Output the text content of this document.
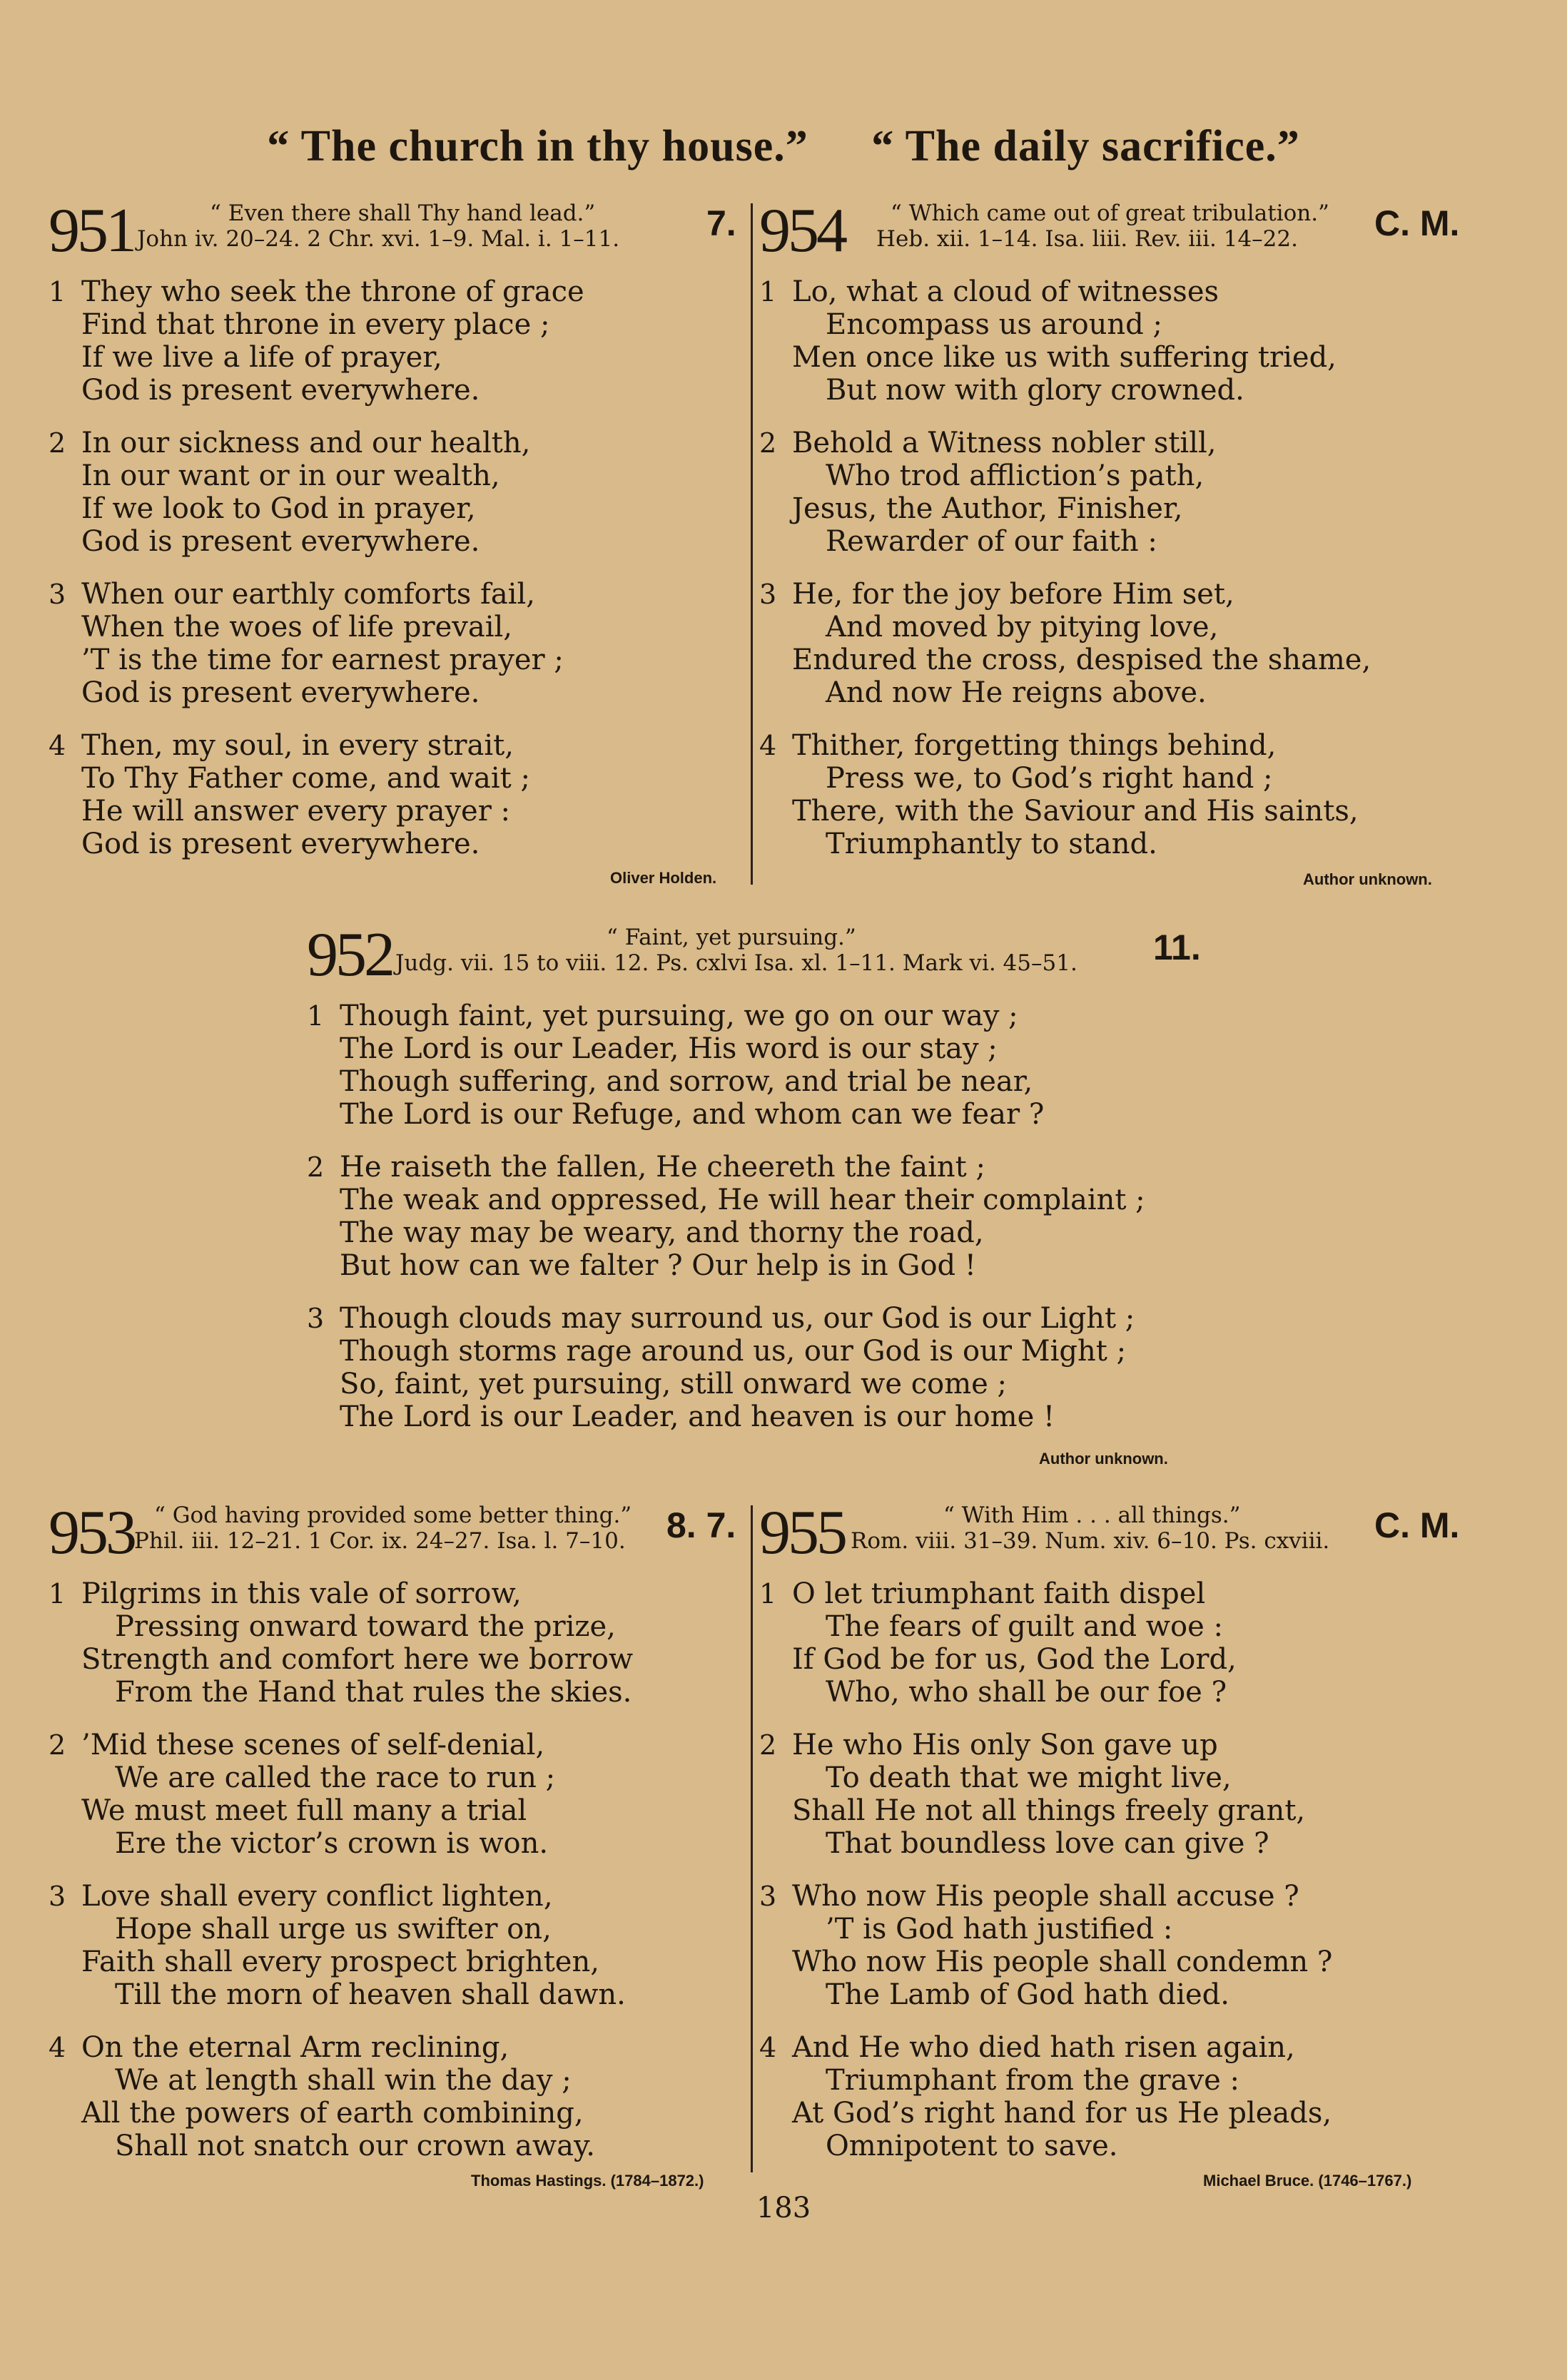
“ The church in thy house.” “ The daily sacrifice.”
951	“ Even there shall Thy hand lead.”
John iv. 20–24. 2 Chr. xvi. 1–9. Mal. i. 1–11. 7.
1 They who seek the throne of grace
Find that throne in every place ;
If we live a life of prayer,
God is present everywhere.
2 In our sickness and our health,
In our want or in our wealth,
If we look to God in prayer,
God is present everywhere.
3 When our earthly comforts fail,
When the woes of life prevail,
’T is the time for earnest prayer ;
God is present everywhere.
4 Then, my soul, in every strait,
To Thy Father come, and wait ;
He will answer every prayer :
God is present everywhere.
Oliver Holden.
954 “ Which came out of great tribulation.”
Heb. xii. 1–14. Isa. liii. Rev. iii. 14–22. C. M.
1 Lo, what a cloud of witnesses
Encompass us around ;
Men once like us with suffering tried,
But now with glory crowned.
2 Behold a Witness nobler still,
Who trod affliction’s path,
Jesus, the Author, Finisher,
Rewarder of our faith :
3 He, for the joy before Him set,
And moved by pitying love,
Endured the cross, despised the shame,
And now He reigns above.
4 Thither, forgetting things behind,
Press we, to God’s right hand ;
There, with the Saviour and His saints,
Triumphantly to stand.
Author unknown.
952	“ Faint, yet pursuing.”
Judg. vii. 15 to viii. 12. Ps. cxlvi Isa. xl. 1–11. Mark vi. 45–51. 11.
1 Though faint, yet pursuing, we go on our way ;
The Lord is our Leader, His word is our stay ;
Though suffering, and sorrow, and trial be near,
The Lord is our Refuge, and whom can we fear ?
2 He raiseth the fallen, He cheereth the faint ;
The weak and oppressed, He will hear their complaint ;
The way may be weary, and thorny the road,
But how can we falter ? Our help is in God !
3 Though clouds may surround us, our God is our Light ;
Though storms rage around us, our God is our Might ;
So, faint, yet pursuing, still onward we come ;
The Lord is our Leader, and heaven is our home !
Author unknown.
953 “ God having provided some better thing.”
Phil. iii. 12–21. 1 Cor. ix. 24–27. Isa. l. 7–10. 8. 7.
1 Pilgrims in this vale of sorrow,
Pressing onward toward the prize,
Strength and comfort here we borrow
From the Hand that rules the skies.
2 ’Mid these scenes of self-denial,
We are called the race to run ;
We must meet full many a trial
Ere the victor’s crown is won.
3 Love shall every conflict lighten,
Hope shall urge us swifter on,
Faith shall every prospect brighten,
Till the morn of heaven shall dawn.
4 On the eternal Arm reclining,
We at length shall win the day ;
All the powers of earth combining,
Shall not snatch our crown away.
Thomas Hastings. (1784–1872.)
955	“ With Him . . . all things.”
Rom. viii. 31–39. Num. xiv. 6–10. Ps. cxviii. C. M.
1 O let triumphant faith dispel
The fears of guilt and woe :
If God be for us, God the Lord,
Who, who shall be our foe ?
2 He who His only Son gave up
To death that we might live,
Shall He not all things freely grant,
That boundless love can give ?
3 Who now His people shall accuse ?
’T is God hath justified :
Who now His people shall condemn ?
The Lamb of God hath died.
4 And He who died hath risen again,
Triumphant from the grave :
At God’s right hand for us He pleads,
Omnipotent to save.
Michael Bruce. (1746–1767.)
183
